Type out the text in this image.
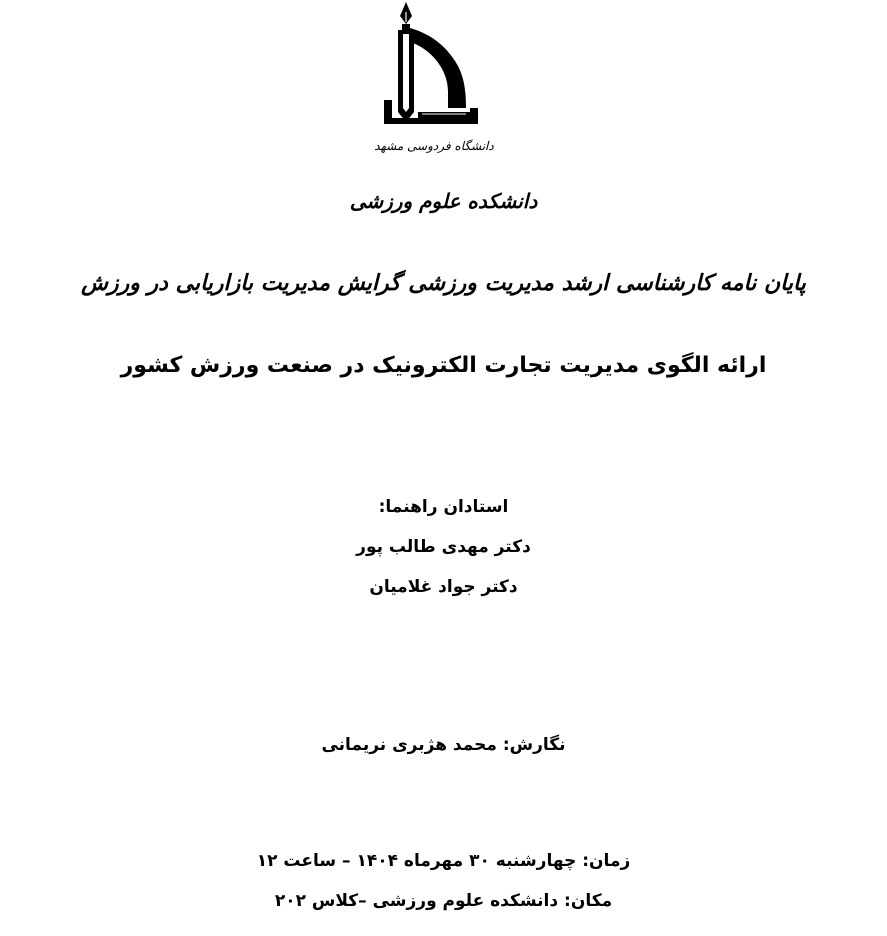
دانشگاه فردوسی مشهد
دانشکده علوم ورزشی
پایان نامه کارشناسی ارشد مدیریت ورزشی گرایش مدیریت بازاریابی در ورزش
ارائه الگوی مدیریت تجارت الکترونیک در صنعت ورزش کشور
استادان راهنما:
دکتر مهدی طالب پور
دکتر جواد غلامیان
نگارش: محمد هژبری نریمانی
زمان: چهارشنبه ۳۰ مهرماه ۱۴۰۴ – ساعت ۱۲
مکان: دانشکده علوم ورزشی –کلاس ۲۰۲
